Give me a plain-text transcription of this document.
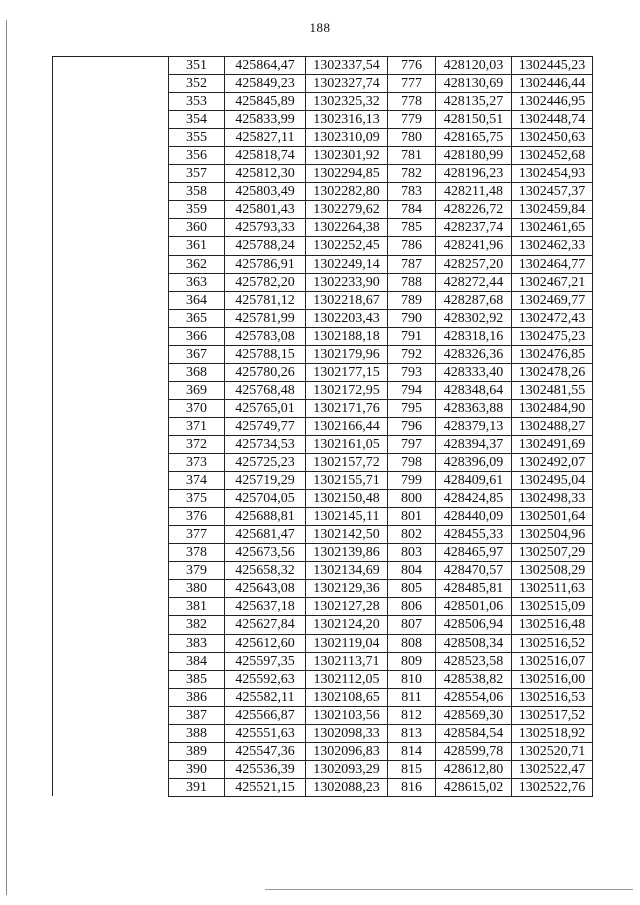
188
	351	425864,47	1302337,54	776	428120,03	1302445,23
	352	425849,23	1302327,74	777	428130,69	1302446,44
	353	425845,89	1302325,32	778	428135,27	1302446,95
	354	425833,99	1302316,13	779	428150,51	1302448,74
	355	425827,11	1302310,09	780	428165,75	1302450,63
	356	425818,74	1302301,92	781	428180,99	1302452,68
	357	425812,30	1302294,85	782	428196,23	1302454,93
	358	425803,49	1302282,80	783	428211,48	1302457,37
	359	425801,43	1302279,62	784	428226,72	1302459,84
	360	425793,33	1302264,38	785	428237,74	1302461,65
	361	425788,24	1302252,45	786	428241,96	1302462,33
	362	425786,91	1302249,14	787	428257,20	1302464,77
	363	425782,20	1302233,90	788	428272,44	1302467,21
	364	425781,12	1302218,67	789	428287,68	1302469,77
	365	425781,99	1302203,43	790	428302,92	1302472,43
	366	425783,08	1302188,18	791	428318,16	1302475,23
	367	425788,15	1302179,96	792	428326,36	1302476,85
	368	425780,26	1302177,15	793	428333,40	1302478,26
	369	425768,48	1302172,95	794	428348,64	1302481,55
	370	425765,01	1302171,76	795	428363,88	1302484,90
	371	425749,77	1302166,44	796	428379,13	1302488,27
	372	425734,53	1302161,05	797	428394,37	1302491,69
	373	425725,23	1302157,72	798	428396,09	1302492,07
	374	425719,29	1302155,71	799	428409,61	1302495,04
	375	425704,05	1302150,48	800	428424,85	1302498,33
	376	425688,81	1302145,11	801	428440,09	1302501,64
	377	425681,47	1302142,50	802	428455,33	1302504,96
	378	425673,56	1302139,86	803	428465,97	1302507,29
	379	425658,32	1302134,69	804	428470,57	1302508,29
	380	425643,08	1302129,36	805	428485,81	1302511,63
	381	425637,18	1302127,28	806	428501,06	1302515,09
	382	425627,84	1302124,20	807	428506,94	1302516,48
	383	425612,60	1302119,04	808	428508,34	1302516,52
	384	425597,35	1302113,71	809	428523,58	1302516,07
	385	425592,63	1302112,05	810	428538,82	1302516,00
	386	425582,11	1302108,65	811	428554,06	1302516,53
	387	425566,87	1302103,56	812	428569,30	1302517,52
	388	425551,63	1302098,33	813	428584,54	1302518,92
	389	425547,36	1302096,83	814	428599,78	1302520,71
	390	425536,39	1302093,29	815	428612,80	1302522,47
	391	425521,15	1302088,23	816	428615,02	1302522,76
